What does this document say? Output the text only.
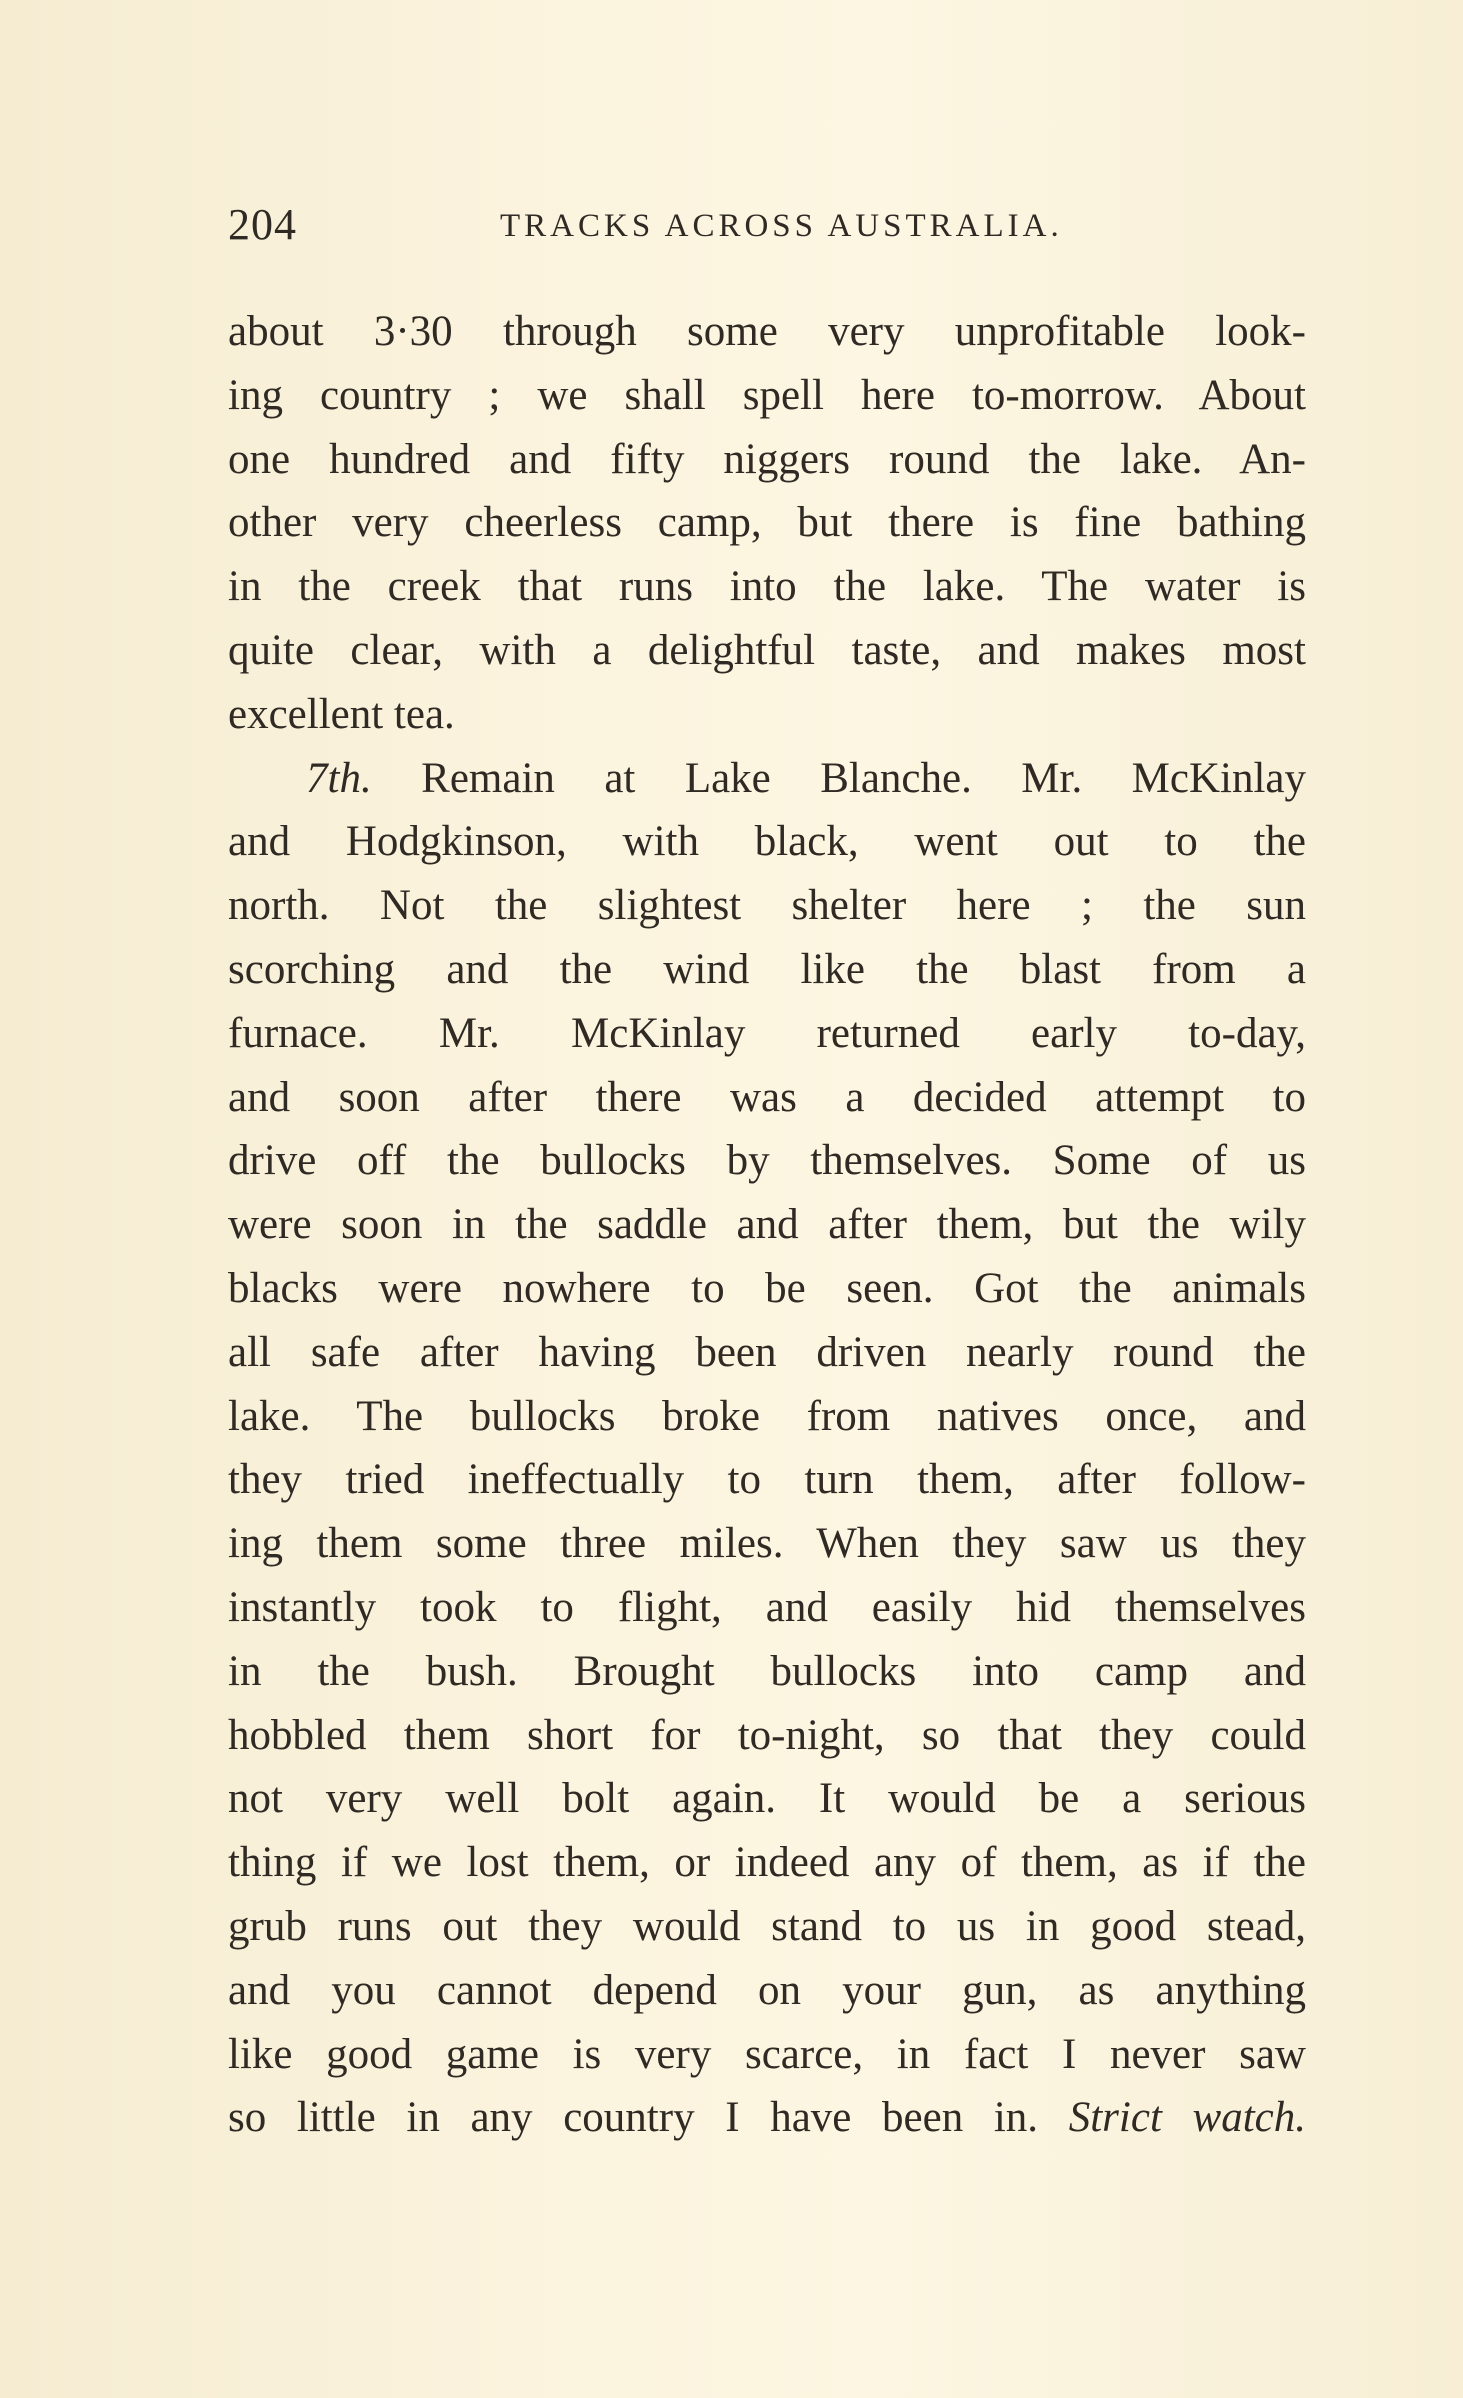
204	TRACKS ACROSS AUSTRALIA.
about 3·30 through some very unprofitable look-
ing country ; we shall spell here to-morrow. About
one hundred and fifty niggers round the lake. An-
other very cheerless camp, but there is fine bathing
in the creek that runs into the lake. The water is
quite clear, with a delightful taste, and makes most
excellent tea.
7th. Remain at Lake Blanche. Mr. McKinlay
and Hodgkinson, with black, went out to the
north. Not the slightest shelter here ; the sun
scorching and the wind like the blast from a
furnace. Mr. McKinlay returned early to-day,
and soon after there was a decided attempt to
drive off the bullocks by themselves. Some of us
were soon in the saddle and after them, but the wily
blacks were nowhere to be seen. Got the animals
all safe after having been driven nearly round the
lake. The bullocks broke from natives once, and
they tried ineffectually to turn them, after follow-
ing them some three miles. When they saw us they
instantly took to flight, and easily hid themselves
in the bush. Brought bullocks into camp and
hobbled them short for to-night, so that they could
not very well bolt again. It would be a serious
thing if we lost them, or indeed any of them, as if the
grub runs out they would stand to us in good stead,
and you cannot depend on your gun, as anything
like good game is very scarce, in fact I never saw
so little in any country I have been in. Strict watch.
